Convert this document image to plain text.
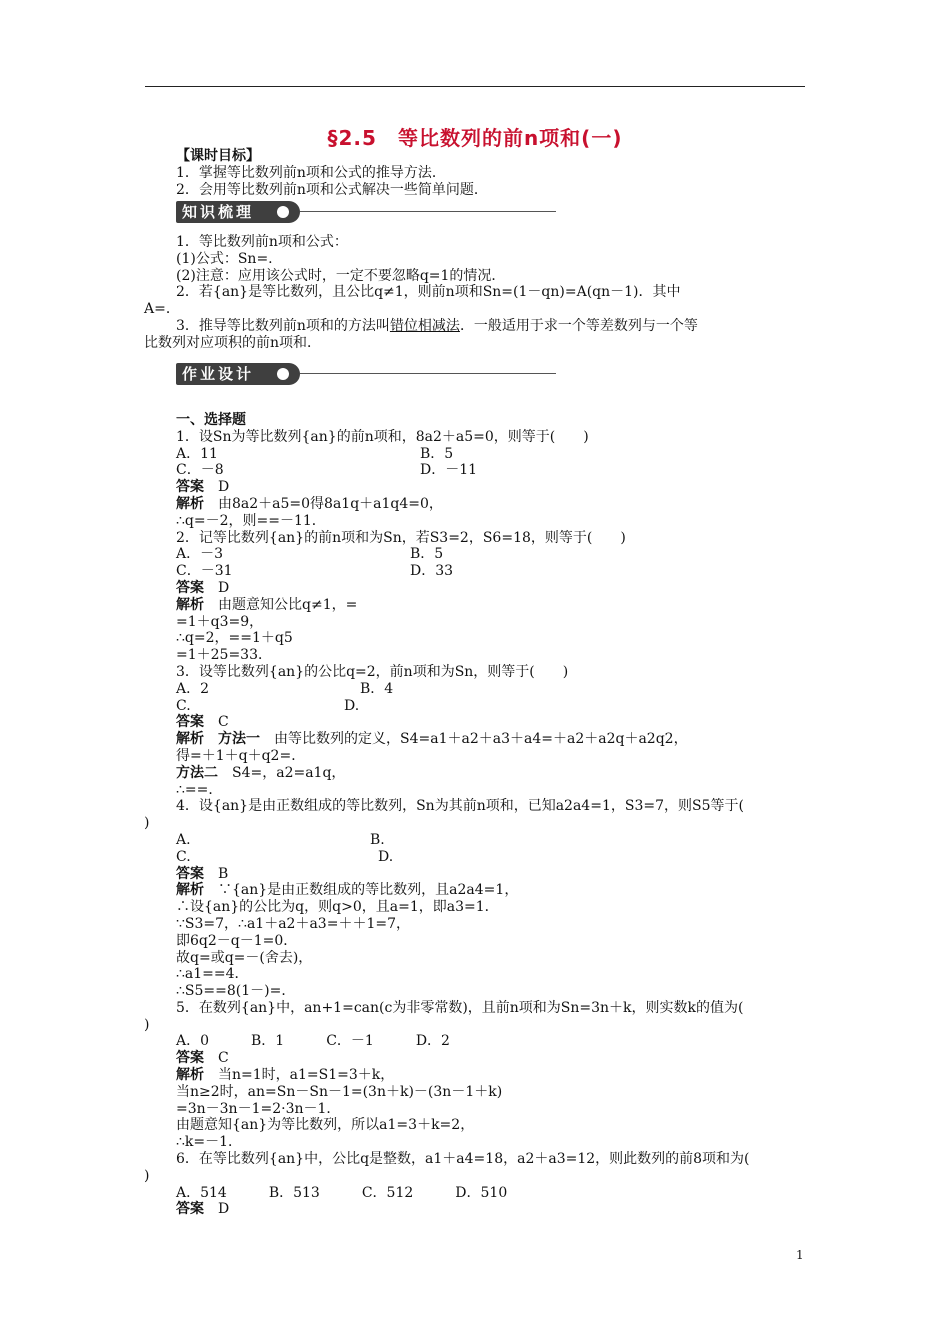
§2.5　等比数列的前n项和(一)
【课时目标】
1．掌握等比数列前n项和公式的推导方法．
2．会用等比数列前n项和公式解决一些简单问题．
知识梳理
1．等比数列前n项和公式：
(1)公式：Sn=.
(2)注意：应用该公式时，一定不要忽略q=1的情况．
2．若{an}是等比数列，且公比q≠1，则前n项和Sn=(1－qn)=A(qn－1)．其中
A=．
3．推导等比数列前n项和的方法叫错位相减法．一般适用于求一个等差数列与一个等
比数列对应项积的前n项和．
作业设计
一、选择题
1．设Sn为等比数列{an}的前n项和，8a2＋a5=0，则等于(　　)
A．11	B．5
C．－8	D．－11
答案　 D
解析　 由8a2＋a5=0得8a1q＋a1q4=0，
∴q=－2，则==－11．
2．记等比数列{an}的前n项和为Sn，若S3=2，S6=18，则等于(　　)
A．－3	B．5
C．－31	D．33
答案　 D
解析　 由题意知公比q≠1，=
=1＋q3=9，
∴q=2，==1＋q5
=1＋25=33．
3．设等比数列{an}的公比q=2，前n项和为Sn，则等于(　　)
A．2	B．4
C.	D.
答案　 C
解析　 方法一　 由等比数列的定义，S4=a1＋a2＋a3＋a4=＋a2＋a2q＋a2q2，
得=＋1＋q＋q2=．
方法二　 S4=，a2=a1q，
∴==．
4．设{an}是由正数组成的等比数列，Sn为其前n项和，已知a2a4=1，S3=7，则S5等于(
)
A.	B.
C.	D.
答案　 B
解析　 ∵{an}是由正数组成的等比数列，且a2a4=1，
∴设{an}的公比为q，则q>0，且a=1，即a3=1．
∵S3=7，∴a1＋a2＋a3=＋＋1=7，
即6q2－q－1=0．
故q=或q=－(舍去)，
∴a1==4．
∴S5==8(1－)=．
5．在数列{an}中，an+1=can(c为非零常数)，且前n项和为Sn=3n＋k，则实数k的值为(
)
A．0　　　B．1　　　C．－1　　　D．2
答案　 C
解析　 当n=1时，a1=S1=3＋k，
当n≥2时，an=Sn－Sn－1=(3n＋k)－(3n－1＋k)
=3n－3n－1=2·3n－1．
由题意知{an}为等比数列，所以a1=3＋k=2，
∴k=－1．
6．在等比数列{an}中，公比q是整数，a1＋a4=18，a2＋a3=12，则此数列的前8项和为(
)
A．514　　　B．513　　　C．512　　　D．510
答案　 D
1
